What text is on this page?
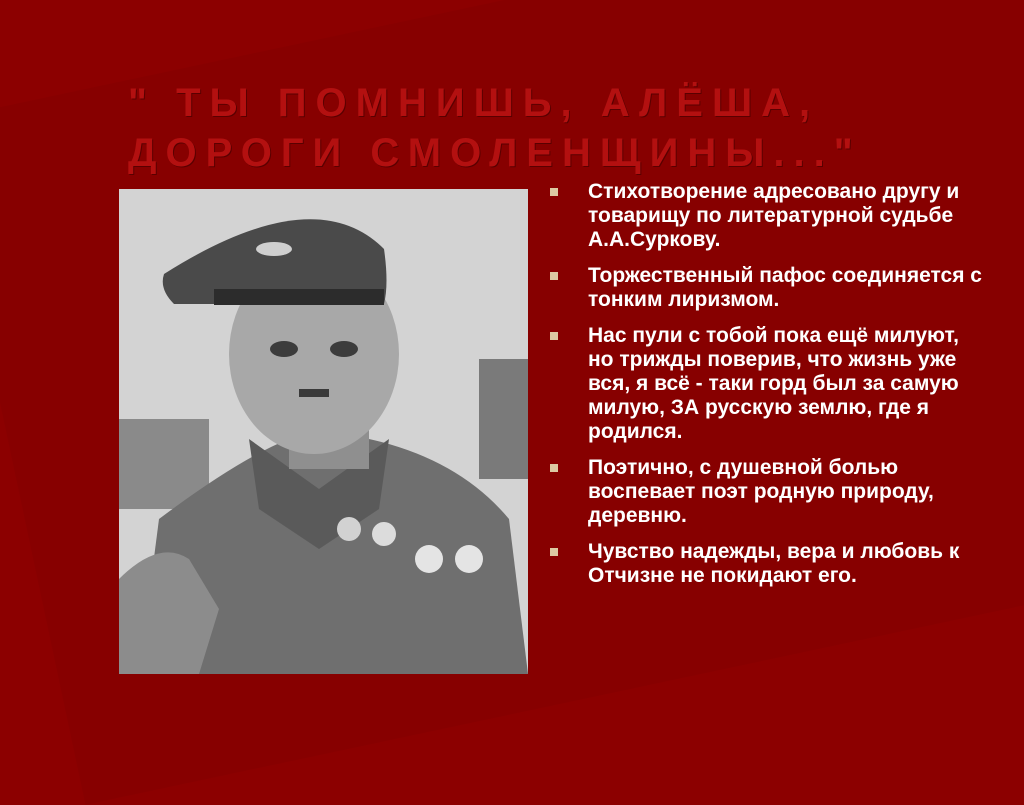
" ТЫ ПОМНИШЬ, АЛЁША,
ДОРОГИ СМОЛЕНЩИНЫ..."
Стихотворение адресовано другу и товарищу по литературной судьбе А.А.Суркову.
Торжественный пафос соединяется с тонким лиризмом.
Нас пули с тобой пока ещё милуют, но трижды поверив, что жизнь уже вся, я всё - таки горд был за самую милую, ЗА русскую землю, где я родился.
Поэтично, с душевной болью воспевает поэт родную природу, деревню.
Чувство надежды, вера и любовь к Отчизне не покидают его.
